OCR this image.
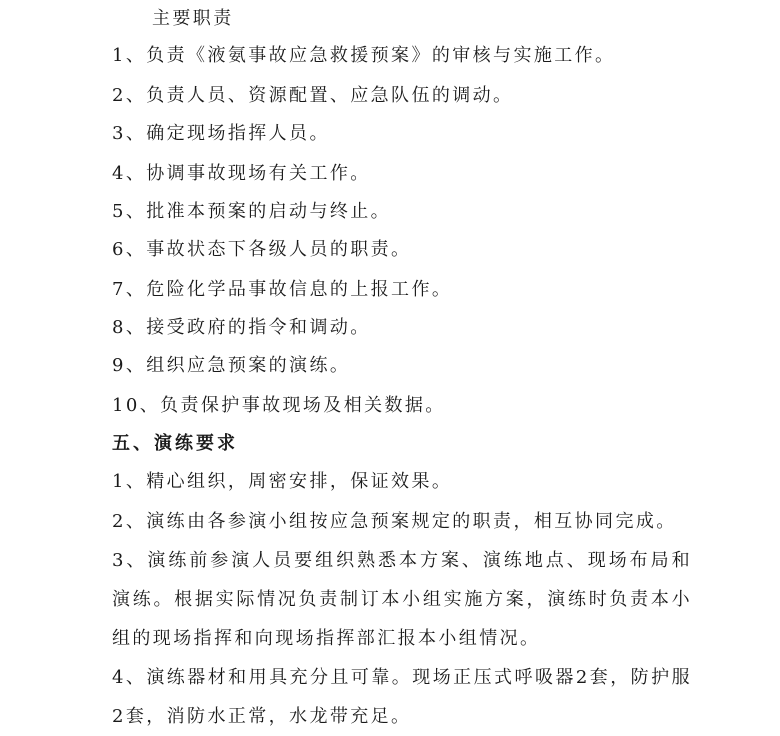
主要职责
1、负责《液氨事故应急救援预案》的审核与实施工作。
2、负责人员、资源配置、应急队伍的调动。
3、确定现场指挥人员。
4、协调事故现场有关工作。
5、批准本预案的启动与终止。
6、事故状态下各级人员的职责。
7、危险化学品事故信息的上报工作。
8、接受政府的指令和调动。
9、组织应急预案的演练。
10、负责保护事故现场及相关数据。
五、演练要求
1、精心组织，周密安排，保证效果。
2、演练由各参演小组按应急预案规定的职责，相互协同完成。
3、演练前参演人员要组织熟悉本方案、演练地点、现场布局和演练。根据实际情况负责制订本小组实施方案，演练时负责本小组的现场指挥和向现场指挥部汇报本小组情况。
4、演练器材和用具充分且可靠。现场正压式呼吸器2套，防护服2套，消防水正常，水龙带充足。
